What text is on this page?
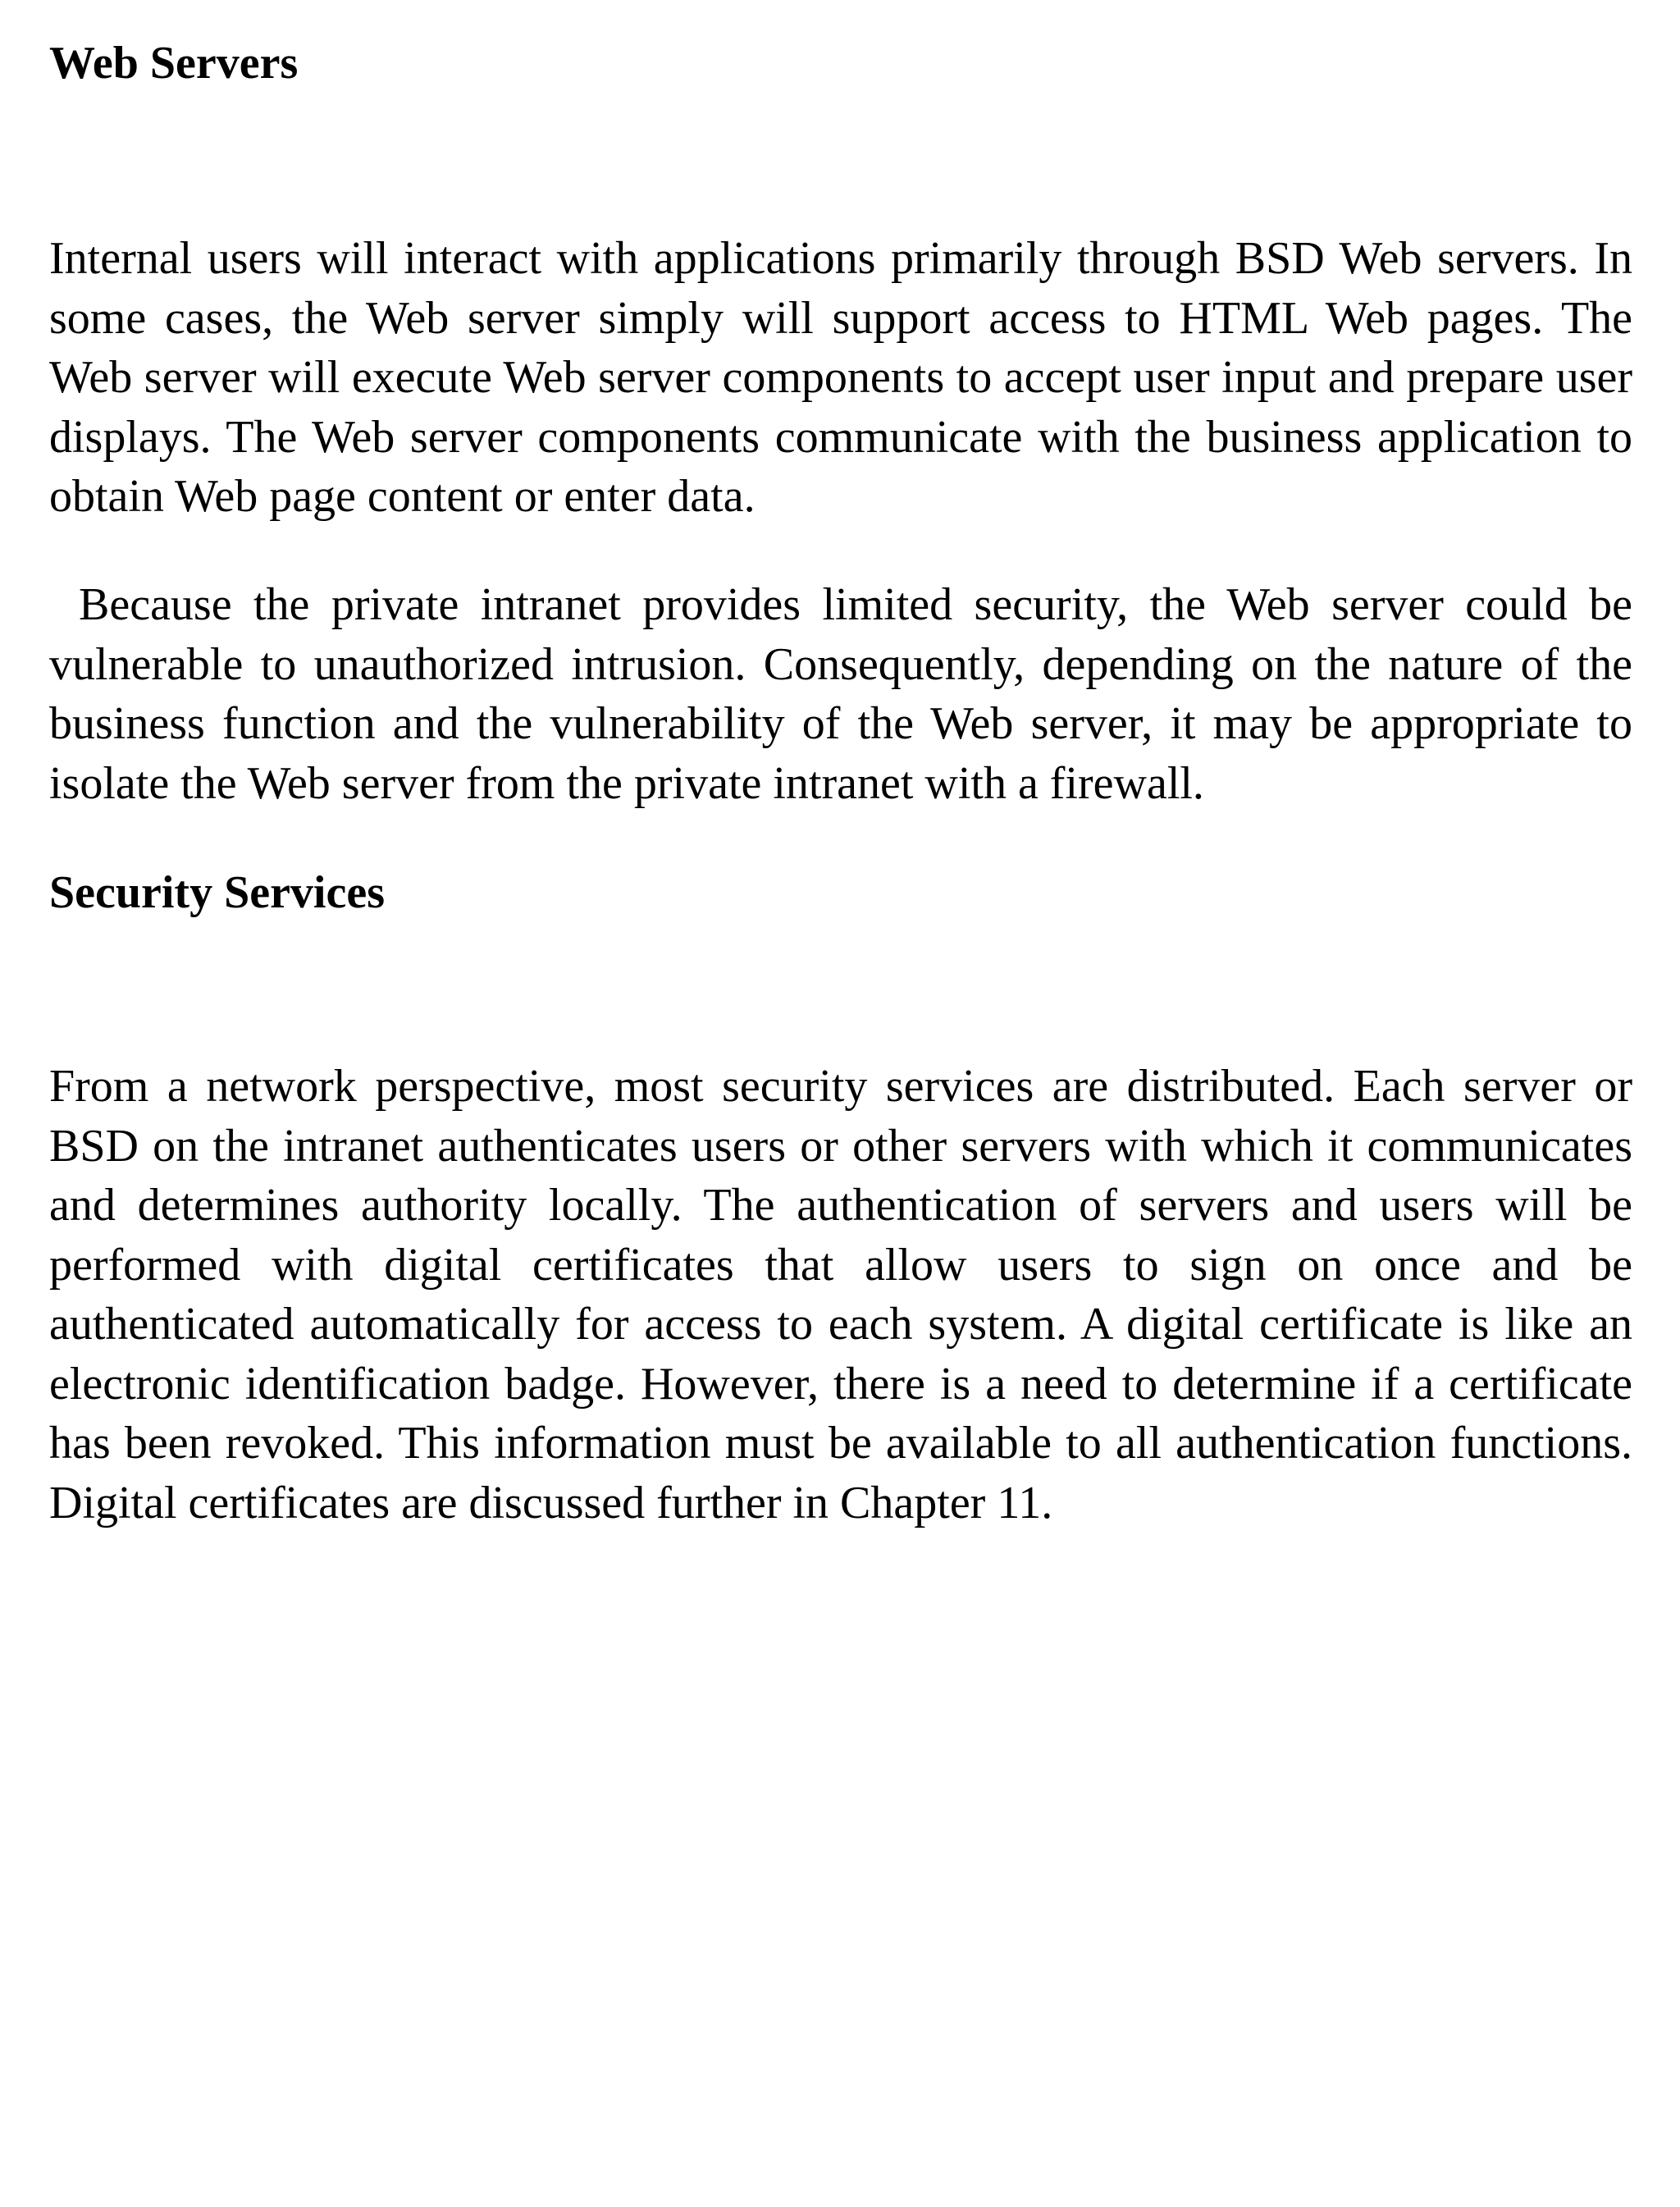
Web Servers

Internal users will interact with applications primarily through BSD Web servers. In some cases, the Web server simply will support access to HTML Web pages. The Web server will execute Web server components to accept user input and prepare user displays. The Web server components communicate with the business application to obtain Web page content or enter data.

Because the private intranet provides limited security, the Web server could be vulnerable to unauthorized intrusion. Consequently, depending on the nature of the business function and the vulnerability of the Web server, it may be appropriate to isolate the Web server from the private intranet with a firewall.

Security Services

From a network perspective, most security services are distributed. Each server or BSD on the intranet authenticates users or other servers with which it communicates and determines authority locally. The authentication of servers and users will be performed with digital certificates that allow users to sign on once and be authenticated automatically for access to each system. A digital certificate is like an electronic identification badge. However, there is a need to determine if a certificate has been revoked. This information must be available to all authentication functions. Digital certificates are discussed further in Chapter 11.
